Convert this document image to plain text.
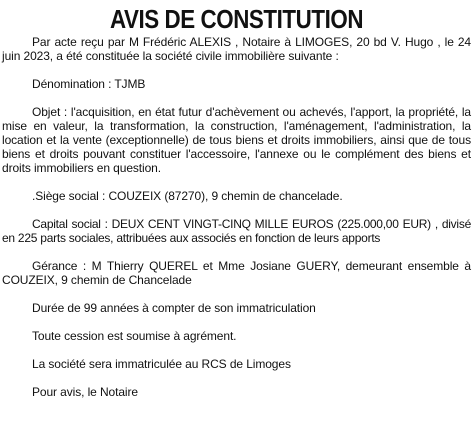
AVIS DE CONSTITUTION

Par acte reçu par M Frédéric ALEXIS , Notaire à LIMOGES, 20 bd V. Hugo , le 24 juin 2023, a été constituée la société civile immobilière suivante :

Dénomination : TJMB

Objet : l'acquisition, en état futur d'achèvement ou achevés, l'apport, la propriété, la mise en valeur, la transformation, la construction, l'aménagement, l'administration, la location et la vente (exceptionnelle) de tous biens et droits immobiliers, ainsi que de tous biens et droits pouvant constituer l'accessoire, l'annexe ou le complément des biens et droits immobiliers en question.

.Siège social : COUZEIX (87270), 9 chemin de chancelade.

Capital social : DEUX CENT VINGT-CINQ MILLE EUROS (225.000,00 EUR) , divisé en 225 parts sociales, attribuées aux associés en fonction de leurs apports

Gérance : M Thierry QUEREL et Mme Josiane GUERY, demeurant ensemble à COUZEIX, 9 chemin de Chancelade

Durée de 99 années à compter de son immatriculation

Toute cession est soumise à agrément.

La société sera immatriculée au RCS de Limoges

Pour avis, le Notaire
